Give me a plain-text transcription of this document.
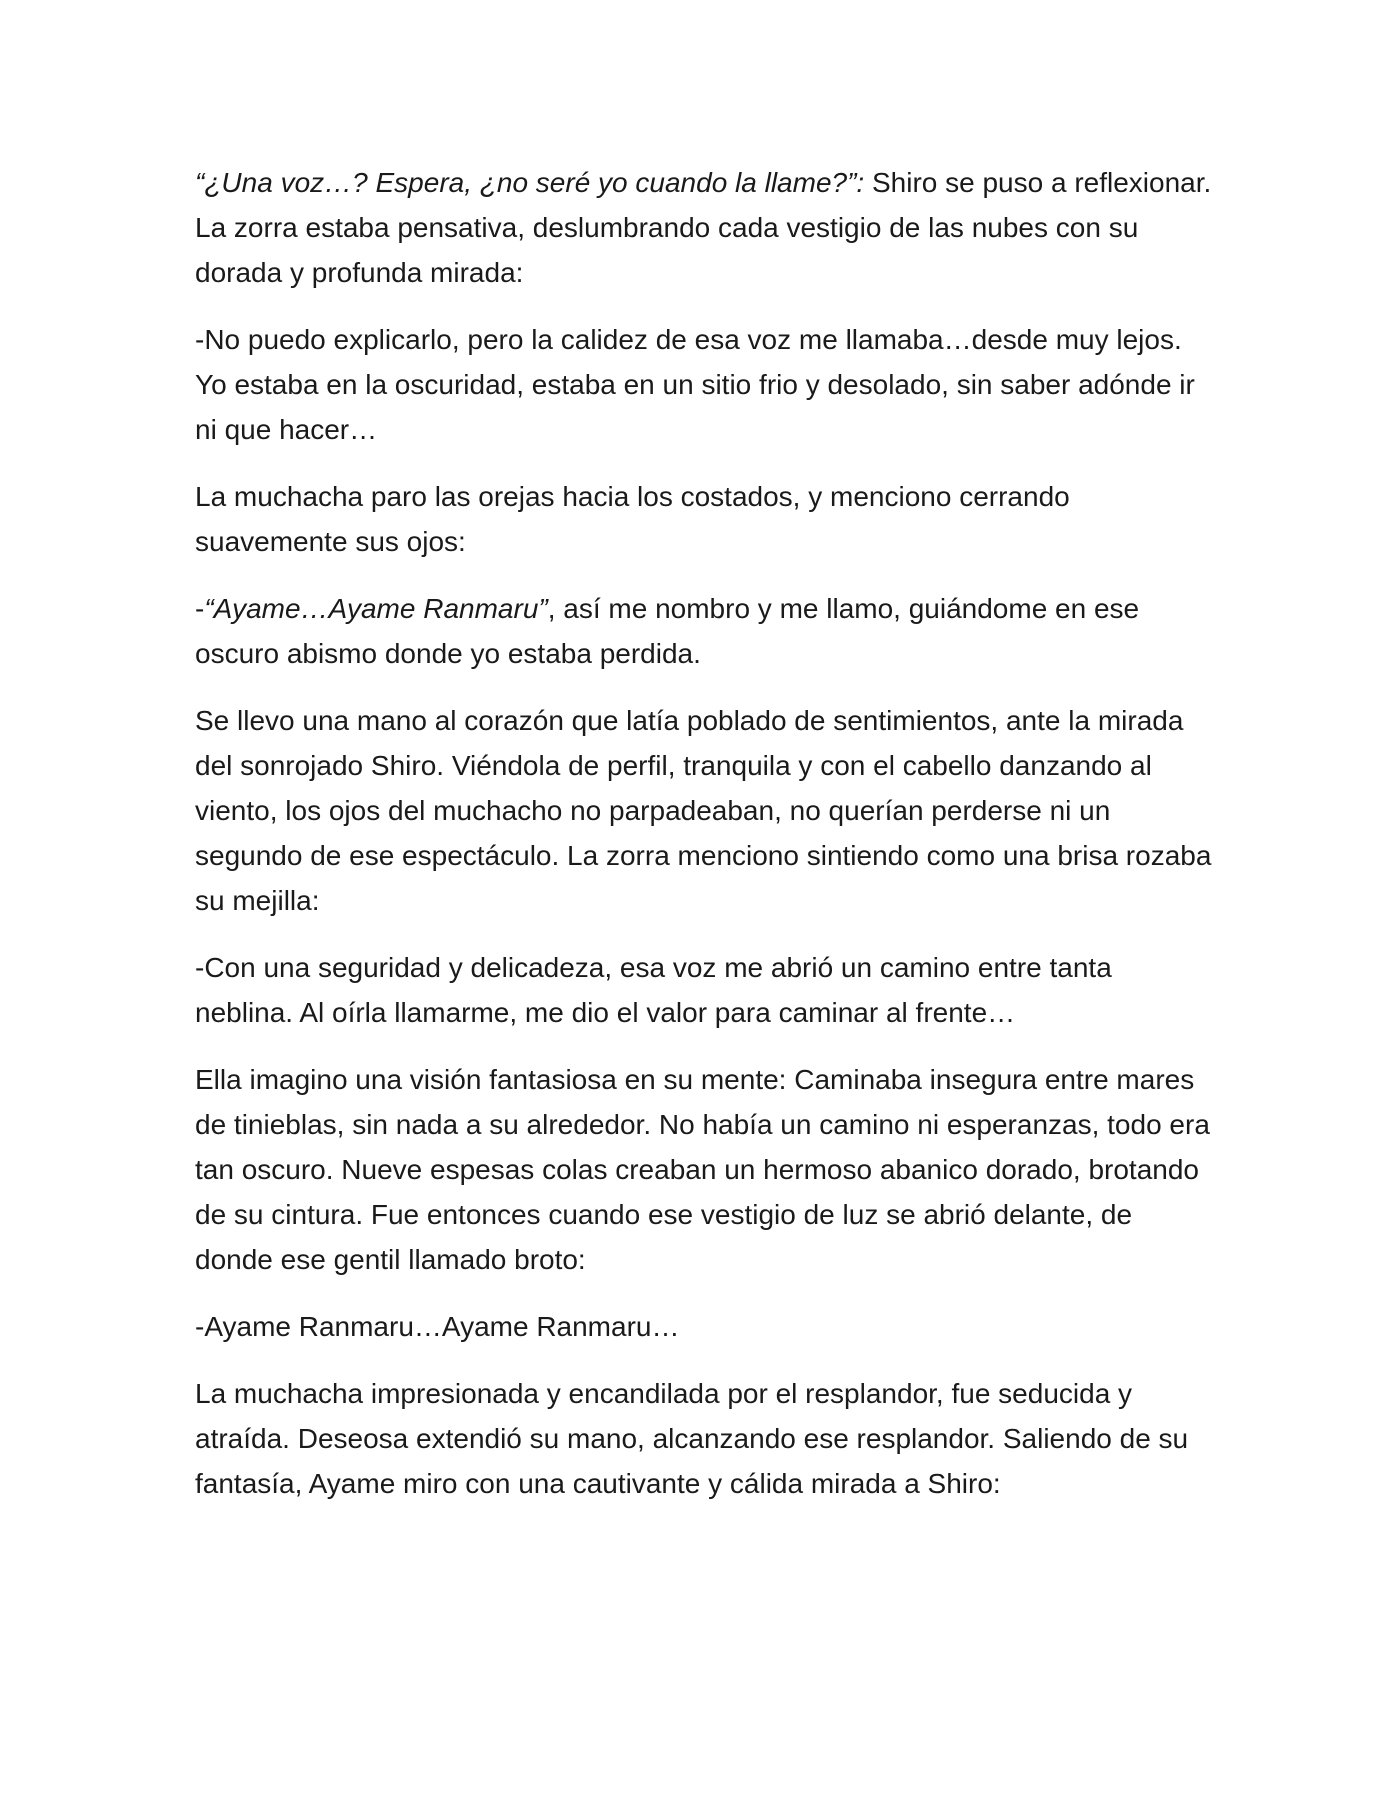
“¿Una voz…? Espera, ¿no seré yo cuando la llame?”: Shiro se puso a reflexionar. La zorra estaba pensativa, deslumbrando cada vestigio de las nubes con su dorada y profunda mirada:

-No puedo explicarlo, pero la calidez de esa voz me llamaba…desde muy lejos. Yo estaba en la oscuridad, estaba en un sitio frio y desolado, sin saber adónde ir ni que hacer…

La muchacha paro las orejas hacia los costados, y menciono cerrando suavemente sus ojos:

-“Ayame…Ayame Ranmaru”, así me nombro y me llamo, guiándome en ese oscuro abismo donde yo estaba perdida.

Se llevo una mano al corazón que latía poblado de sentimientos, ante la mirada del sonrojado Shiro. Viéndola de perfil, tranquila y con el cabello danzando al viento, los ojos del muchacho no parpadeaban, no querían perderse ni un segundo de ese espectáculo. La zorra menciono sintiendo como una brisa rozaba su mejilla:

-Con una seguridad y delicadeza, esa voz me abrió un camino entre tanta neblina. Al oírla llamarme, me dio el valor para caminar al frente…

Ella imagino una visión fantasiosa en su mente: Caminaba insegura entre mares de tinieblas, sin nada a su alrededor. No había un camino ni esperanzas, todo era tan oscuro. Nueve espesas colas creaban un hermoso abanico dorado, brotando de su cintura. Fue entonces cuando ese vestigio de luz se abrió delante, de donde ese gentil llamado broto:

-Ayame Ranmaru…Ayame Ranmaru…

La muchacha impresionada y encandilada por el resplandor, fue seducida y atraída. Deseosa extendió su mano, alcanzando ese resplandor. Saliendo de su fantasía, Ayame miro con una cautivante y cálida mirada a Shiro:
